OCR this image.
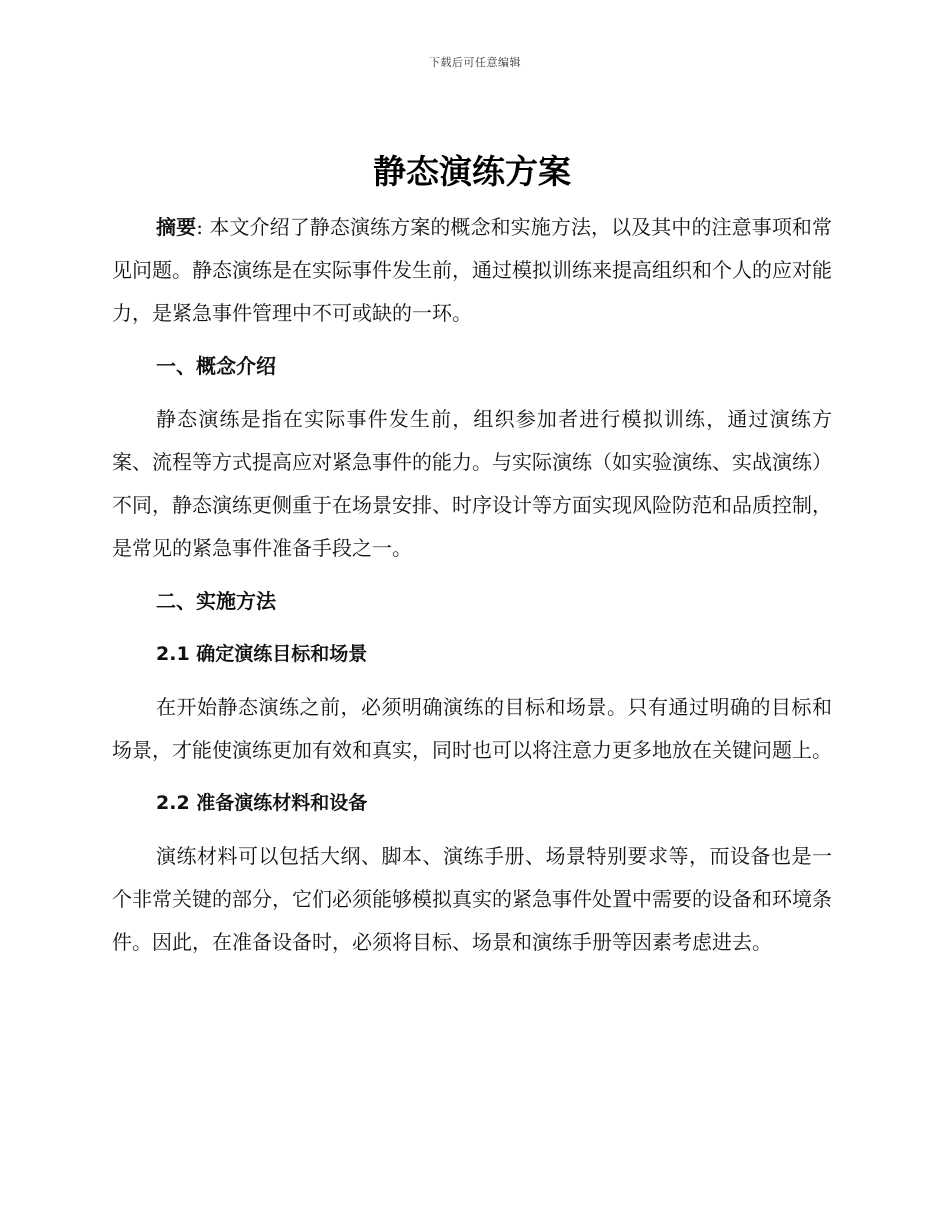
下载后可任意编辑
静态演练方案

摘要: 本文介绍了静态演练方案的概念和实施方法，以及其中的注意事项和常见问题。静态演练是在实际事件发生前，通过模拟训练来提高组织和个人的应对能力，是紧急事件管理中不可或缺的一环。

一、概念介绍

静态演练是指在实际事件发生前，组织参加者进行模拟训练，通过演练方案、流程等方式提高应对紧急事件的能力。与实际演练（如实验演练、实战演练）不同，静态演练更侧重于在场景安排、时序设计等方面实现风险防范和品质控制，是常见的紧急事件准备手段之一。

二、实施方法
2.1 确定演练目标和场景

在开始静态演练之前，必须明确演练的目标和场景。只有通过明确的目标和场景，才能使演练更加有效和真实，同时也可以将注意力更多地放在关键问题上。

2.2 准备演练材料和设备

演练材料可以包括大纲、脚本、演练手册、场景特别要求等，而设备也是一个非常关键的部分，它们必须能够模拟真实的紧急事件处置中需要的设备和环境条件。因此，在准备设备时，必须将目标、场景和演练手册等因素考虑进去。
